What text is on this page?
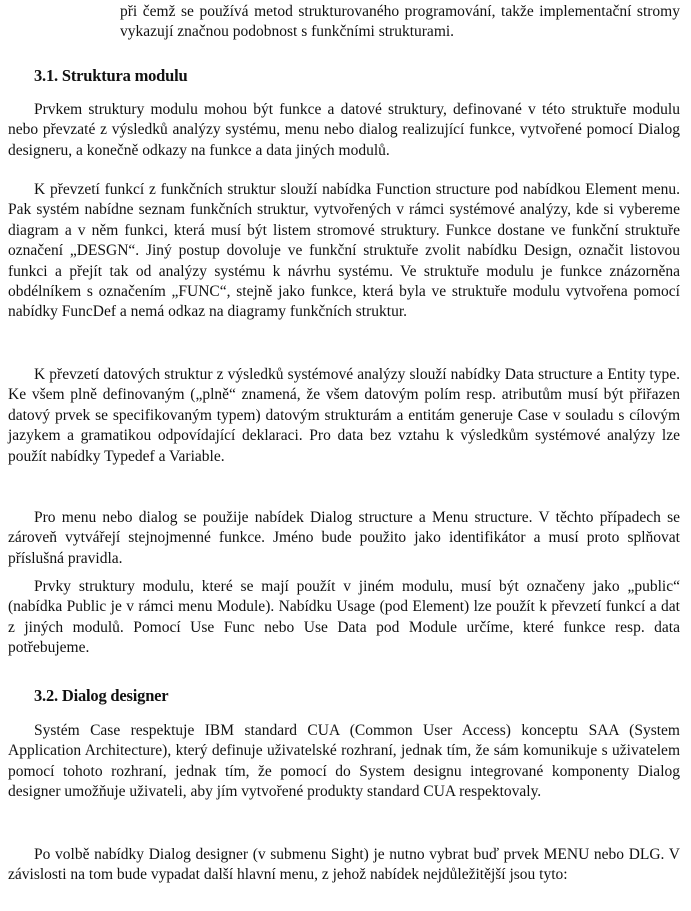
při čemž se používá metod strukturovaného programování, takže implementační stromy vykazují značnou podobnost s funkčními strukturami.

3.1. Struktura modulu

Prvkem struktury modulu mohou být funkce a datové struktury, definované v této struktuře modulu nebo převzaté z výsledků analýzy systému, menu nebo dialog realizující funkce, vytvořené pomocí Dialog designeru, a konečně odkazy na funkce a data jiných modulů.

K převzetí funkcí z funkčních struktur slouží nabídka Function structure pod nabídkou Element menu. Pak systém nabídne seznam funkčních struktur, vytvořených v rámci systémové analýzy, kde si vybereme diagram a v něm funkci, která musí být listem stromové struktury. Funkce dostane ve funkční struktuře označení „DESGN“. Jiný postup dovoluje ve funkční struktuře zvolit nabídku Design, označit listovou funkci a přejít tak od analýzy systému k návrhu systému. Ve struktuře modulu je funkce znázorněna obdélníkem s označením „FUNC“, stejně jako funkce, která byla ve struktuře modulu vytvořena pomocí nabídky FuncDef a nemá odkaz na diagramy funkčních struktur.

K převzetí datových struktur z výsledků systémové analýzy slouží nabídky Data structure a Entity type. Ke všem plně definovaným („plně“ znamená, že všem datovým polím resp. atributům musí být přiřazen datový prvek se specifikovaným typem) datovým strukturám a entitám generuje Case v souladu s cílovým jazykem a gramatikou odpovídající deklaraci. Pro data bez vztahu k výsledkům systémové analýzy lze použít nabídky Typedef a Variable.

Pro menu nebo dialog se použije nabídek Dialog structure a Menu structure. V těchto případech se zároveň vytvářejí stejnojmenné funkce. Jméno bude použito jako identifikátor a musí proto splňovat příslušná pravidla.

Prvky struktury modulu, které se mají použít v jiném modulu, musí být označeny jako „public“ (nabídka Public je v rámci menu Module). Nabídku Usage (pod Element) lze použít k převzetí funkcí a dat z jiných modulů. Pomocí Use Func nebo Use Data pod Module určíme, které funkce resp. data potřebujeme.

3.2. Dialog designer

Systém Case respektuje IBM standard CUA (Common User Access) konceptu SAA (System Application Architecture), který definuje uživatelské rozhraní, jednak tím, že sám komunikuje s uživatelem pomocí tohoto rozhraní, jednak tím, že pomocí do System designu integrované komponenty Dialog designer umožňuje uživateli, aby jím vytvořené produkty standard CUA respektovaly.

Po volbě nabídky Dialog designer (v submenu Sight) je nutno vybrat buď prvek MENU nebo DLG. V závislosti na tom bude vypadat další hlavní menu, z jehož nabídek nejdůležitější jsou tyto:
